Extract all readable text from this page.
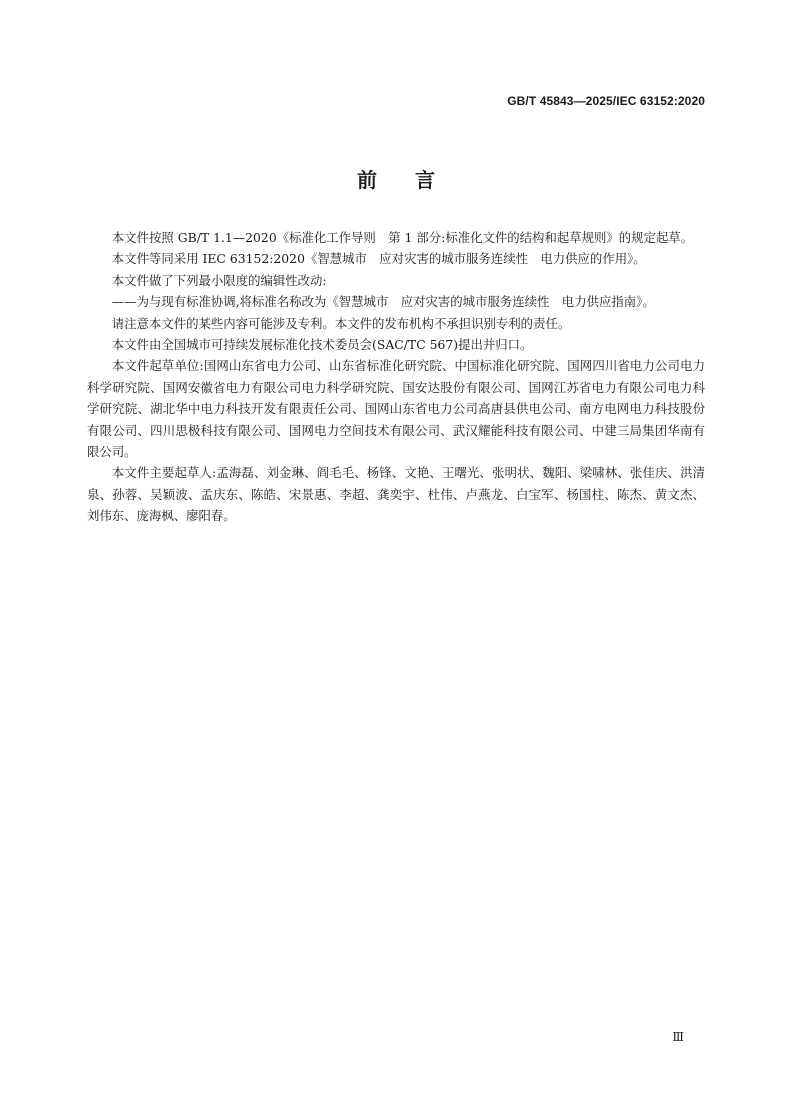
GB/T 45843—2025/IEC 63152:2020
前言

本文件按照 GB/T 1.1—2020《标准化工作导则　第 1 部分:标准化文件的结构和起草规则》的规定起草。

本文件等同采用 IEC 63152:2020《智慧城市　应对灾害的城市服务连续性　电力供应的作用》。

本文件做了下列最小限度的编辑性改动:

——为与现有标准协调,将标准名称改为《智慧城市　应对灾害的城市服务连续性　电力供应指南》。

请注意本文件的某些内容可能涉及专利。本文件的发布机构不承担识别专利的责任。

本文件由全国城市可持续发展标准化技术委员会(SAC/TC 567)提出并归口。

本文件起草单位:国网山东省电力公司、山东省标准化研究院、中国标准化研究院、国网四川省电力公司电力科学研究院、国网安徽省电力有限公司电力科学研究院、国安达股份有限公司、国网江苏省电力有限公司电力科学研究院、湖北华中电力科技开发有限责任公司、国网山东省电力公司高唐县供电公司、南方电网电力科技股份有限公司、四川思极科技有限公司、国网电力空间技术有限公司、武汉耀能科技有限公司、中建三局集团华南有限公司。

本文件主要起草人:孟海磊、刘金琳、阎毛毛、杨锋、文艳、王曙光、张明状、魏阳、梁啸林、张佳庆、洪清泉、孙蓉、吴颖波、孟庆东、陈皓、宋景惠、李超、龚奕宇、杜伟、卢燕龙、白宝军、杨国柱、陈杰、黄文杰、刘伟东、庞海枫、廖阳春。

Ⅲ
